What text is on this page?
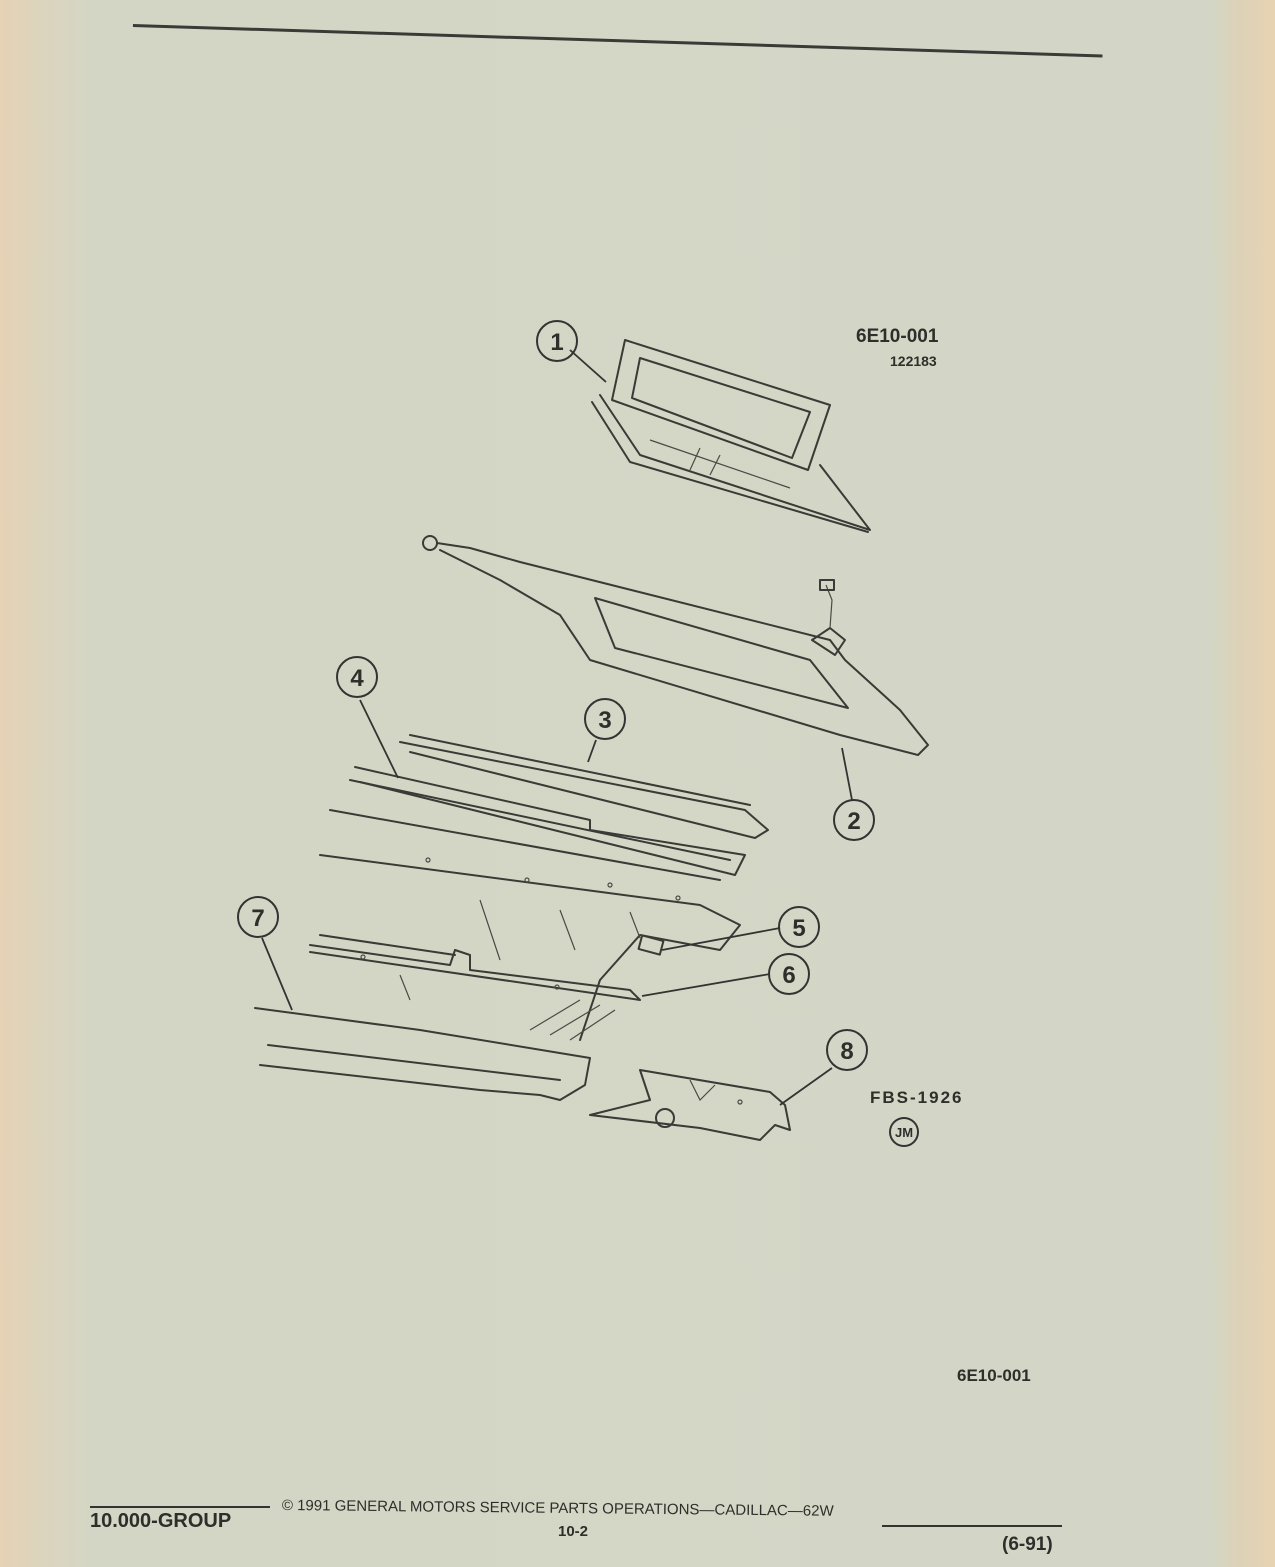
6E10-001
122183
1
2
3
4
5
6
7
8
JM
FBS-1926
6E10-001
10.000-GROUP
© 1991 GENERAL MOTORS SERVICE PARTS OPERATIONS—CADILLAC—62W
10-2
(6-91)
